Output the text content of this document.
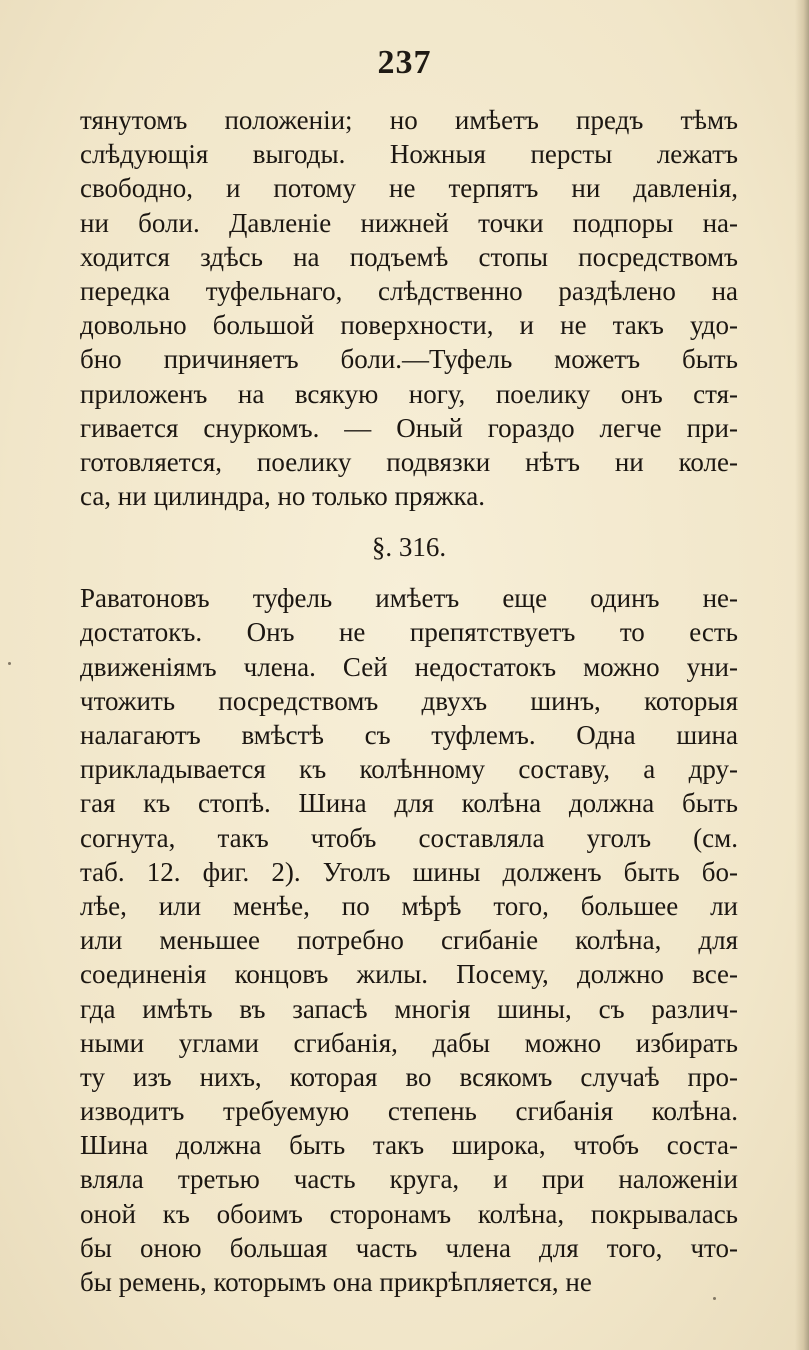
237
тянутомъ положенiи; но имѣетъ предъ тѣмъ
слѣдующiя выгоды. Ножныя персты лежатъ
свободно, и потому не терпятъ ни давленiя,
ни боли. Давленiе нижней точки подпоры на-
ходится здѣсь на подъемѣ стопы посредствомъ
передка туфельнаго, слѣдственно раздѣлено на
довольно большой поверхности, и не такъ удо-
бно причиняетъ боли.—Туфель можетъ быть
приложенъ на всякую ногу, поелику онъ стя-
гивается снуркомъ. — Оный гораздо легче при-
готовляется, поелику подвязки нѣтъ ни коле-
са, ни цилиндра, но только пряжка.
§. 316.
Раватоновъ туфель имѣетъ еще одинъ не-
достатокъ. Онъ не препятствуетъ то есть
движенiямъ члена. Сей недостатокъ можно уни-
чтожить посредствомъ двухъ шинъ, которыя
налагаютъ вмѣстѣ съ туфлемъ. Одна шина
прикладывается къ колѣнному составу, а дру-
гая къ стопѣ. Шина для колѣна должна быть
согнута, такъ чтобъ составляла уголъ (см.
таб. 12. фиг. 2). Уголъ шины долженъ быть бо-
лѣе, или менѣе, по мѣрѣ того, большее ли
или меньшее потребно сгибанiе колѣна, для
соединенiя концовъ жилы. Посему, должно все-
гда имѣть въ запасѣ многiя шины, съ различ-
ными углами сгибанiя, дабы можно избирать
ту изъ нихъ, которая во всякомъ случаѣ про-
изводитъ требуемую степень сгибанiя колѣна.
Шина должна быть такъ широка, чтобъ соста-
вляла третью часть круга, и при наложенiи
оной къ обоимъ сторонамъ колѣна, покрывалась
бы оною большая часть члена для того, что-
бы ремень, которымъ она прикрѣпляется, не
